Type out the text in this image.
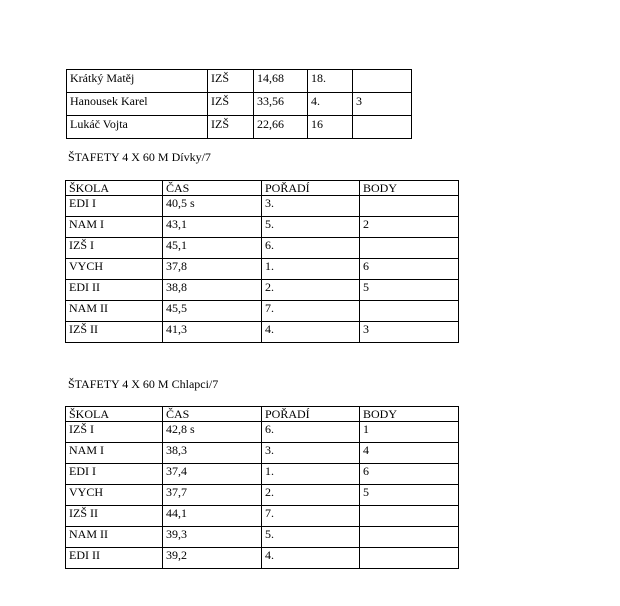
Krátký Matěj	IZŠ	14,68	18.	
Hanousek Karel	IZŠ	33,56	4.	3
Lukáč Vojta	IZŠ	22,66	16	

ŠTAFETY 4 X 60 M Dívky/7

ŠKOLA	ČAS	POŘADÍ	BODY
EDI I	40,5 s	3.	
NAM I	43,1	5.	2
IZŠ I	45,1	6.	
VYCH	37,8	1.	6
EDI II	38,8	2.	5
NAM II	45,5	7.	
IZŠ II	41,3	4.	3

ŠTAFETY 4 X 60 M Chlapci/7

ŠKOLA	ČAS	POŘADÍ	BODY
IZŠ I	42,8 s	6.	1
NAM I	38,3	3.	4
EDI I	37,4	1.	6
VYCH	37,7	2.	5
IZŠ II	44,1	7.	
NAM II	39,3	5.	
EDI II	39,2	4.	
